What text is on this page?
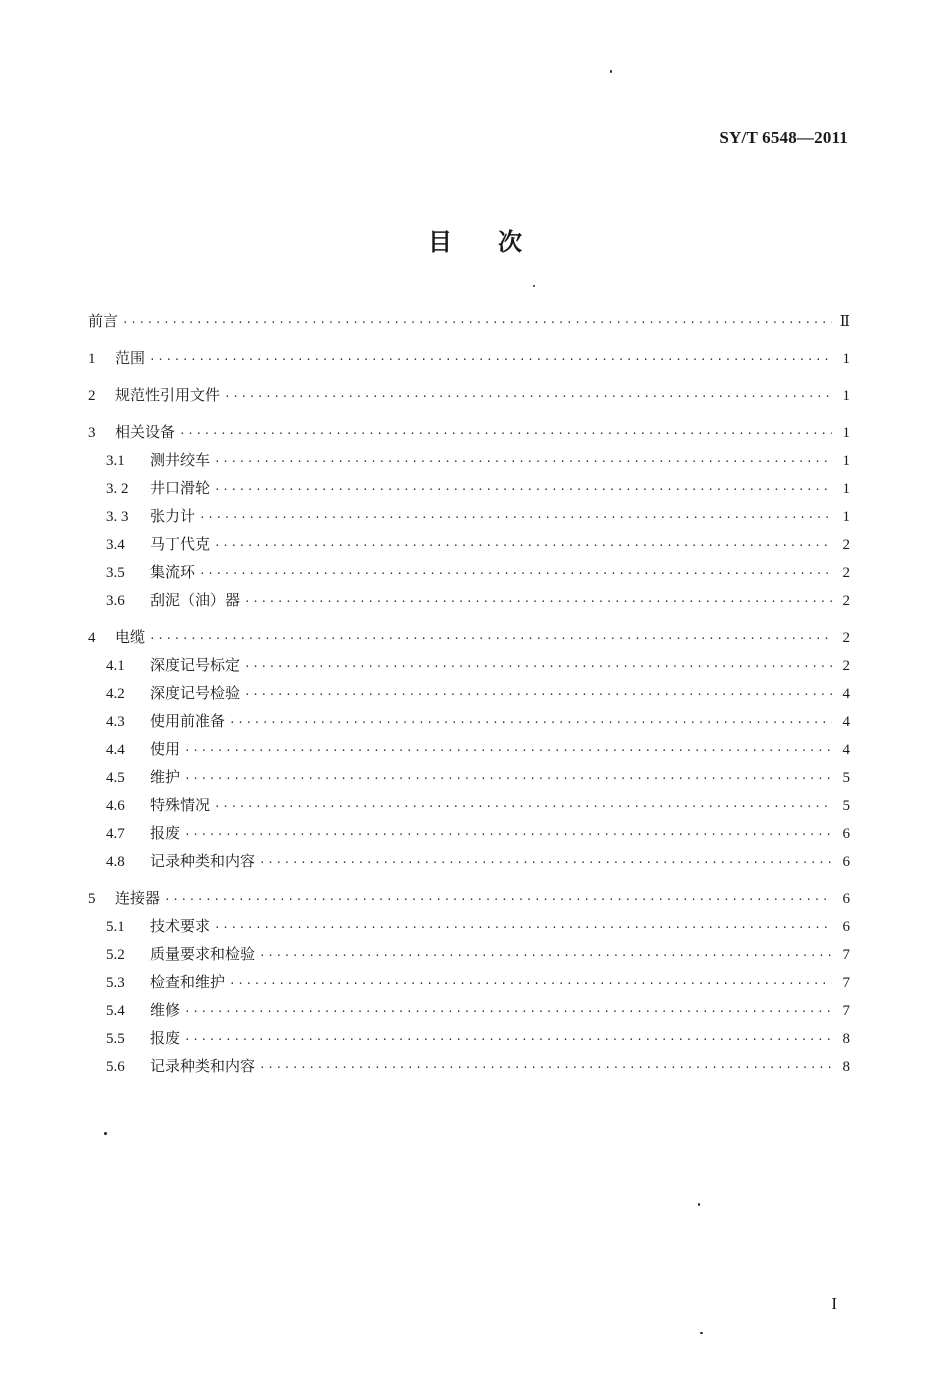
SY/T 6548—2011
目次
前言 ·····	Ⅱ
1	范围 ·····	1
2	规范性引用文件 ·····	1
3	相关设备 ·····	1
3.1	测井绞车 ·····	1
3. 2	井口滑轮 ·····	1
3. 3	张力计 ·····	1
3.4	马丁代克 ·····	2
3.5	集流环 ·····	2
3.6	刮泥（油）器 ·····	2
4	电缆 ·····	2
4.1	深度记号标定 ·····	2
4.2	深度记号检验 ·····	4
4.3	使用前准备 ·····	4
4.4	使用 ·····	4
4.5	维护 ·····	5
4.6	特殊情况 ·····	5
4.7	报废 ·····	6
4.8	记录种类和内容 ·····	6
5	连接器 ·····	6
5.1	技术要求 ·····	6
5.2	质量要求和检验 ·····	7
5.3	检查和维护 ·····	7
5.4	维修 ·····	7
5.5	报废 ·····	8
5.6	记录种类和内容 ·····	8
I
